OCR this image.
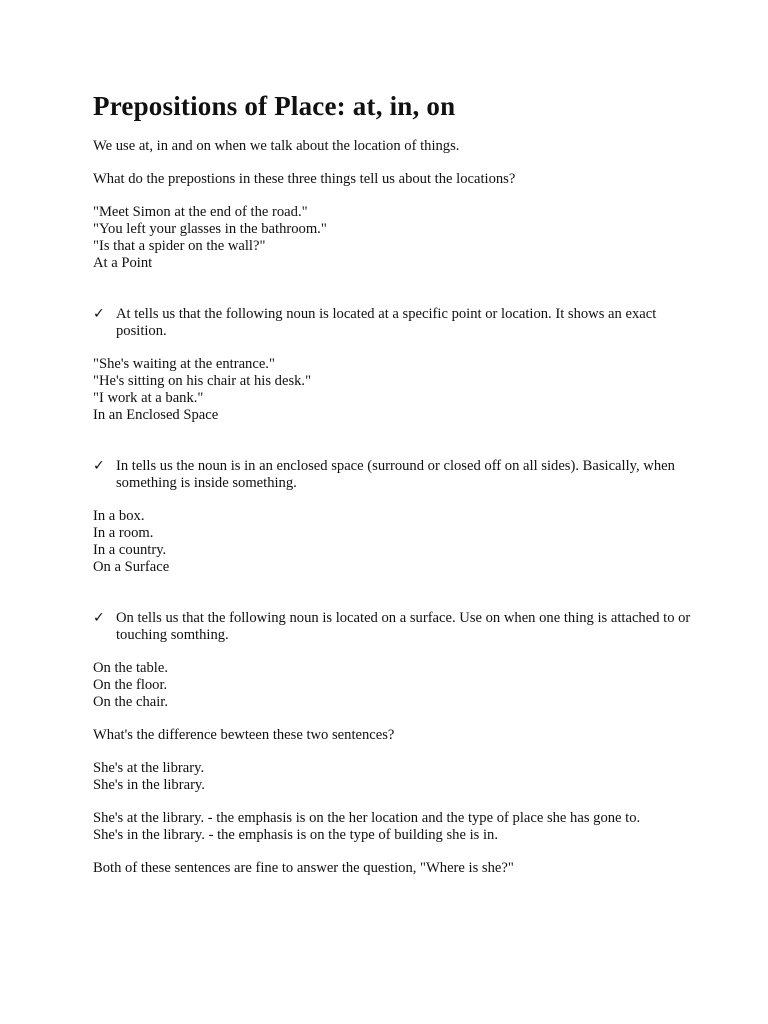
Prepositions of Place: at, in, on

We use at, in and on when we talk about the location of things.

What do the prepostions in these three things tell us about the locations?

"Meet Simon at the end of the road."
"You left your glasses in the bathroom."
"Is that a spider on the wall?"
At a Point
✓ At tells us that the following noun is located at a specific point or location. It shows an exact position.
"She's waiting at the entrance."
"He's sitting on his chair at his desk."
"I work at a bank."
In an Enclosed Space
✓ In tells us the noun is in an enclosed space (surround or closed off on all sides). Basically, when something is inside something.
In a box.
In a room.
In a country.
On a Surface
✓ On tells us that the following noun is located on a surface. Use on when one thing is attached to or touching somthing.
On the table.
On the floor.
On the chair.

What's the difference bewteen these two sentences?

She's at the library.
She's in the library.
She's at the library. - the emphasis is on the her location and the type of place she has gone to.
She's in the library. - the emphasis is on the type of building she is in.

Both of these sentences are fine to answer the question, "Where is she?"
